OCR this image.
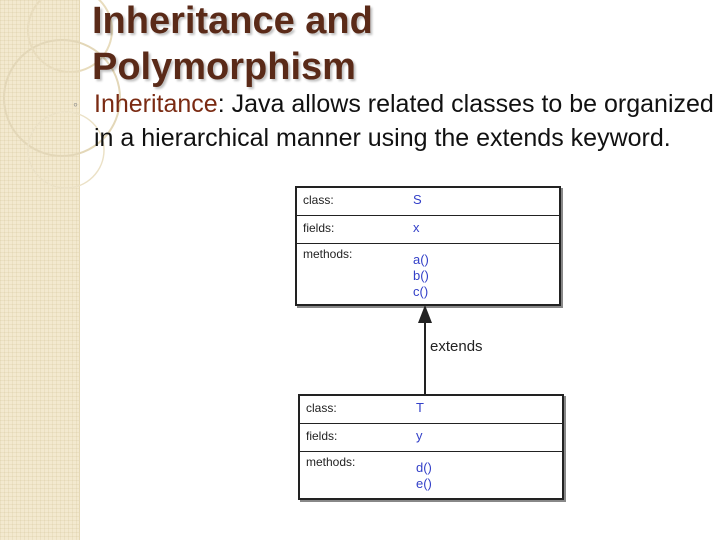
Inheritance and Polymorphism
◦ Inheritance: Java allows related classes to be organized in a hierarchical manner using the extends keyword.

class:	S
fields:	x
methods:	a()
b()
c()
extends
class:	T
fields:	y
methods:	d()
e()
